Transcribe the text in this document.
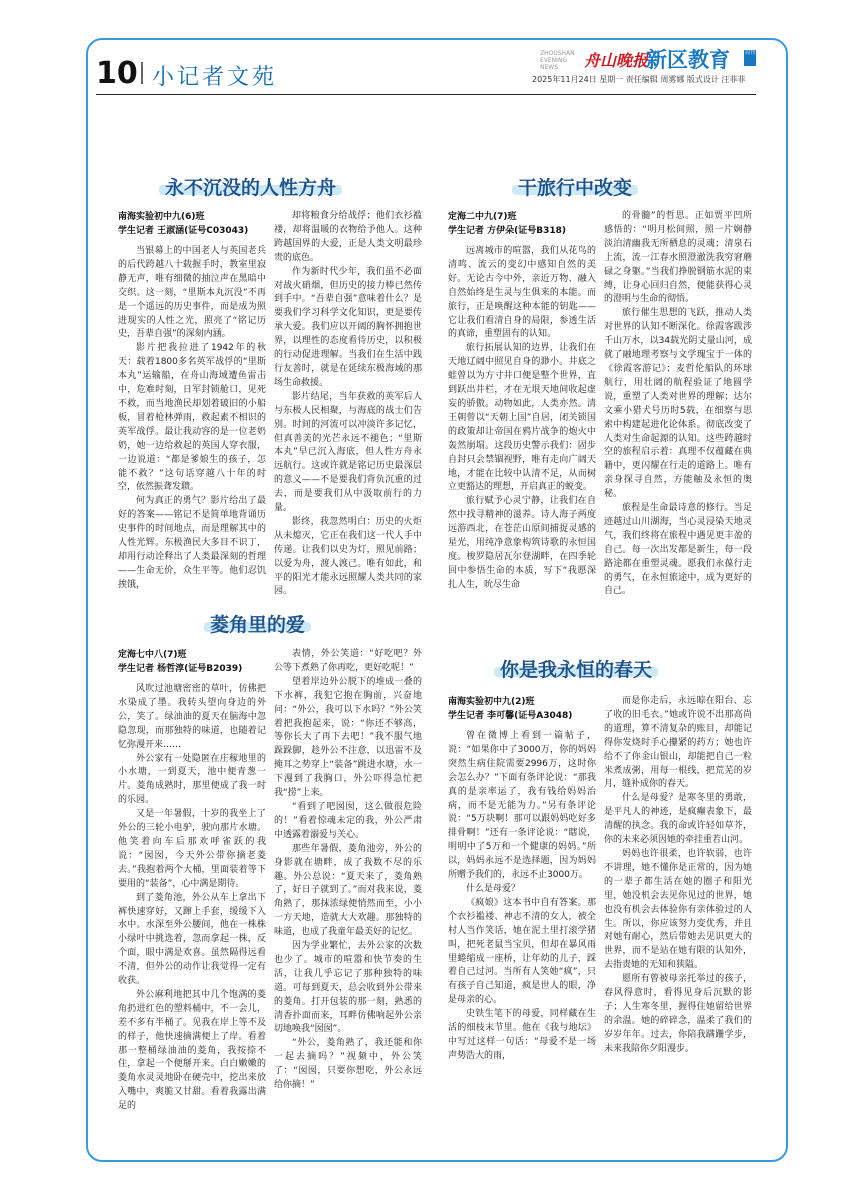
10 小记者文苑
ZHOUSHAN EVENING NEWS	舟山晚报
新区教育	周刊
2025年11月24日 星期一 责任编辑 周雾娜 版式设计 汪菲菲
永不沉没的人性方舟
南海实验初中九(6)班
学生记者 王淑涵(证号C03043)

当银幕上的中国老人与英国老兵的后代跨越八十载握手时，教室里寂静无声，唯有细微的抽泣声在黑暗中交织。这一刻，“里斯本丸沉没”不再是一个遥远的历史事件，而是成为照进现实的人性之光，照亮了“铭记历史，吾辈自强”的深刻内涵。

影片把我拉进了1942年的秋天：载着1800多名英军战俘的“里斯本丸”运输船，在舟山海域遭鱼雷击中，危难时刻，日军封锁舱口，见死不救，而当地渔民却划着破旧的小船板，冒着枪林弹雨，救起素不相识的英军战俘。最让我动容的是一位老奶奶，她一边给救起的英国人穿衣服，一边说道：“都是爹娘生的孩子，怎能不救？”这句话穿越八十年的时空，依然振聋发聩。

何为真正的勇气？影片给出了最好的答案——铭记不是简单地背诵历史事件的时间地点，而是理解其中的人性光辉。东极渔民大多目不识丁，却用行动诠释出了人类最深刻的哲理——生命无价，众生平等。他们忍饥挨饿，

却将粮食分给战俘；他们衣衫褴褛，却将温暖的衣物给予他人。这种跨越国界的大爱，正是人类文明最珍贵的底色。

作为新时代少年，我们虽不必面对战火硝烟，但历史的接力棒已然传到手中。“吾辈自强”意味着什么？是要我们学习科学文化知识，更是要传承大爱。我们应以开阔的胸怀拥抱世界，以理性的态度看待历史，以积极的行动促进理解。当我们在生活中践行友善时，就是在延续东极海域的那场生命救援。

影片结尾，当年获救的英军后人与东极人民相聚，与海底的战士们告别。时间的河流可以冲淡许多记忆，但真善美的光芒永远不褪色；“里斯本丸”早已沉入海底，但人性方舟永远航行。这或许就是铭记历史最深层的意义——不是要我们背负沉重的过去，而是要我们从中汲取前行的力量。

影终，我忽然明白：历史的火炬从未熄灭，它正在我们这一代人手中传递。让我们以史为灯，照见前路；以爱为舟，渡人渡己。唯有如此，和平的阳光才能永远照耀人类共同的家园。

干旅行中改变
定海二中九(7)班
学生记者 方伊朵(证号B318)

远离城市的喧嚣，我们从花鸟的清鸣、流云的变幻中感知自然的美好。无论古今中外，亲近万物、融入自然始终是生灵与生俱来的本能。而旅行，正是唤醒这种本能的钥匙——它让我们看清自身的局限，参透生活的真谛，重塑固有的认知。

旅行拓展认知的边界，让我们在天地辽阔中照见自身的渺小。井底之蛙曾以为方寸井口便是整个世界，直到跃出井栏，才在无垠天地间收起虚妄的骄傲。动物如此，人类亦然。清王朝曾以“天朝上国”自居，闭关锁国的政策却让帝国在鸦片战争的炮火中轰然崩塌。这段历史警示我们：固步自封只会禁锢视野，唯有走向广阔天地，才能在比较中认清不足，从而树立更豁达的理想，开启真正的蜕变。

旅行赋予心灵宁静，让我们在自然中找寻精神的滋养。诗人海子两度远游西北，在苍茫山原间捕捉灵感的星光，用纯净意象构筑诗歌的永恒国度。梭罗隐居瓦尔登湖畔，在四季轮回中参悟生命的本质，写下“我愿深扎人生，吮尽生命

的骨髓”的哲思。正如贾平凹所感悟的：“明月松间照，照一片娴静淡泊清幽我无所栖息的灵魂；清泉石上流，流一江春水照澄澈洗我穷窘蘑碌之身躯。”当我们挣脱钢筋水泥的束缚，让身心回归自然，便能获得心灵的澄明与生命的彻悟。

旅行催生思想的飞跃，推动人类对世界的认知不断深化。徐霞客跋涉千山万水，以34载光阴丈量山河，成就了融地理考察与文学瑰宝于一体的《徐霞客游记》；麦哲伦船队的环球航行，用壮阔的航程验证了地圆学说，重塑了人类对世界的理解；达尔文乘小猎犬号历时5载，在细察与思索中构建起进化论体系。彻底改变了人类对生命起源的认知。这些跨越时空的旅程启示着：真理不仅蕴藏在典籍中，更闪耀在行走的道路上。唯有亲身探寻自然，方能触及永恒的奥秘。

旅程是生命最诗意的修行。当足迹越过山川湖海，当心灵浸染天地灵气，我们终将在旅程中遇见更丰盈的自己。每一次出发都是新生，每一段路途都在重塑灵魂。愿我们永葆行走的勇气，在永恒旅途中，成为更好的自己。

菱角里的爱
定海七中八(7)班
学生记者 杨哲淳(证号B2039)

风吹过池塘密密的草叶，仿佛把水染成了墨。我转头望向身边的外公，笑了。绿油油的夏天在脑海中忽隐忽现，而那独特的味道，也随着记忆弥漫开来……

外公家有一处隐匿在庄稼地里的小水塘，一到夏天，池中便青葱一片。菱角成熟时，那里便成了我一时的乐园。

又是一年暑假，十岁的我坐上了外公的三轮小电驴，驶向那片水塘。他笑着向车后那欢呼雀跃的我说：“囡囡，今天外公带你摘老菱去。”我抱着两个大桶，里面装着等下要用的“装备”，心中满是期待。

到了菱角池，外公从车上拿出下裤快速穿好，又蹿上手套，缓缓下入水中。水深至外公腰间，他在一株株小绿叶中挑选着，忽而拿起一株，反个面，眼中满是欢喜。虽然隔得远看不清，但外公的动作让我觉得一定有收获。

外公麻利地把其中几个饱满的菱角扔进红色的塑料桶中，不一会儿，差不多有半桶了。见我在岸上等不及的样子，他快速摘满便上了岸。看着那一整桶绿油油的菱角，我按捺不住，拿起一个便掰开来。白白嫩嫩的菱角水灵灵地卧在硬壳中，挖出来放入嘴中，爽脆又甘甜。看着我露出满足的

表情，外公笑道：“好吃吧？外公等下煮熟了你再吃，更好吃呢！”

望着岸边外公脱下的堆成一叠的下水裤，我犯它抱在胸前，兴奋地问：“外公，我可以下水吗？”外公笑着把我抱起来，说：“你还不够高，等你长大了再下去吧！”我不服气地跺跺脚，趁外公不注意，以迅雷不及掩耳之势穿上“装备”跳进水塘，水一下漫到了我胸口，外公吓得急忙把我“捞”上来。

“看到了吧囡囡，这么做很危险的！”看着惊魂未定的我，外公严肃中透露着溺爱与关心。

那些年暑假，菱角池旁，外公的身影就在塘畔，成了我数不尽的乐趣。外公总说：“夏天来了，菱角熟了，好日子就到了。”而对我来说，菱角熟了，那抹浓绿便悄然而至，小小一方天地，造就大大欢趣。那独特的味道，也成了我童年最美好的记忆。

因为学业繁忙，去外公家的次数也少了。城市的喧嚣和快节奏的生活，让我几乎忘记了那种独特的味道。可每到夏天，总会收到外公带来的菱角。打开包装的那一刻，熟悉的清香扑面而来，耳畔仿佛响起外公亲切地唤我“囡囡”。

“外公，菱角熟了，我还能和你一起去摘吗？”视频中，外公笑了：“囡囡，只要你想吃，外公永远给你摘！”

你是我永恒的春天
南海实验初中九(2)班
学生记者 李可馨(证号A3048)

曾在微博上看到一篇帖子，说：“如果你中了3000万，你的妈妈突然生病住院需要2996万，这时你会怎么办？”下面有条评论说：“那我真的是亲率运了，我有钱给妈妈治病，而不是无能为力。”另有条评论说：“5万块啊！那可以跟妈妈吃好多排骨啊！”还有一条评论说：“瞎说，明明中了5万和一个健康的妈妈。”所以，妈妈永远不是选择题，因为妈妈所赠予我们的，永远不止3000万。

什么是母爱？

《疯娘》这本书中自有答案。那个衣衫褴褛、神志不清的女人，被全村人当作笑话，她在泥土里打滚学猪叫，把死老鼠当宝贝，但却在暴风雨里蜷缩成一座桥，让年幼的儿子，踩着自己过河。当所有人笑她“疯”，只有孩子自己知道，疯是世人的眼，净是母亲的心。

史铁生笔下的母爱，同样藏在生活的细枝末节里。他在《我与地坛》中写过这样一句话：“母爱不是一场声势浩大的雨，

而是你走后，永远晾在阳台、忘了收的旧毛衣。”她或许说不出那高尚的道理，算不清复杂的账目，却能记得你发烧时手心攥紧的药方；她也许给不了你金山银山，却能把自己一粒米煮成粥，用每一根线，把荒芜的岁月，缝补成你的春天。

什么是母爱？是寒冬里的勇敢，是平凡人的神迹，是疯癫表象下，最清醒的执念。我的命或许轻如草芥，你的未来必须因她的牵挂重若山河。

妈妈也许很柔，也许软弱，也许不讲理，她不懂你是正常的，因为她的一辈子都生活在她的圈子和阳光里，她没机会去见你见过的世界，她也没有机会去体验你有亲体验过的人生。所以，你应该努力变优秀，并且对她有耐心，然后带她去见识更大的世界，而不是站在她有限的认知外，去指责她的无知和狭隘。

愿所有曾被母亲托举过的孩子，春风得意时，看得见身后沉默的影子；人生寒冬里，握得住她留给世界的余温。她的碎碎念，温柔了我们的岁岁年年。过去，你陪我蹒跚学步，未来我陪你夕阳漫步。
